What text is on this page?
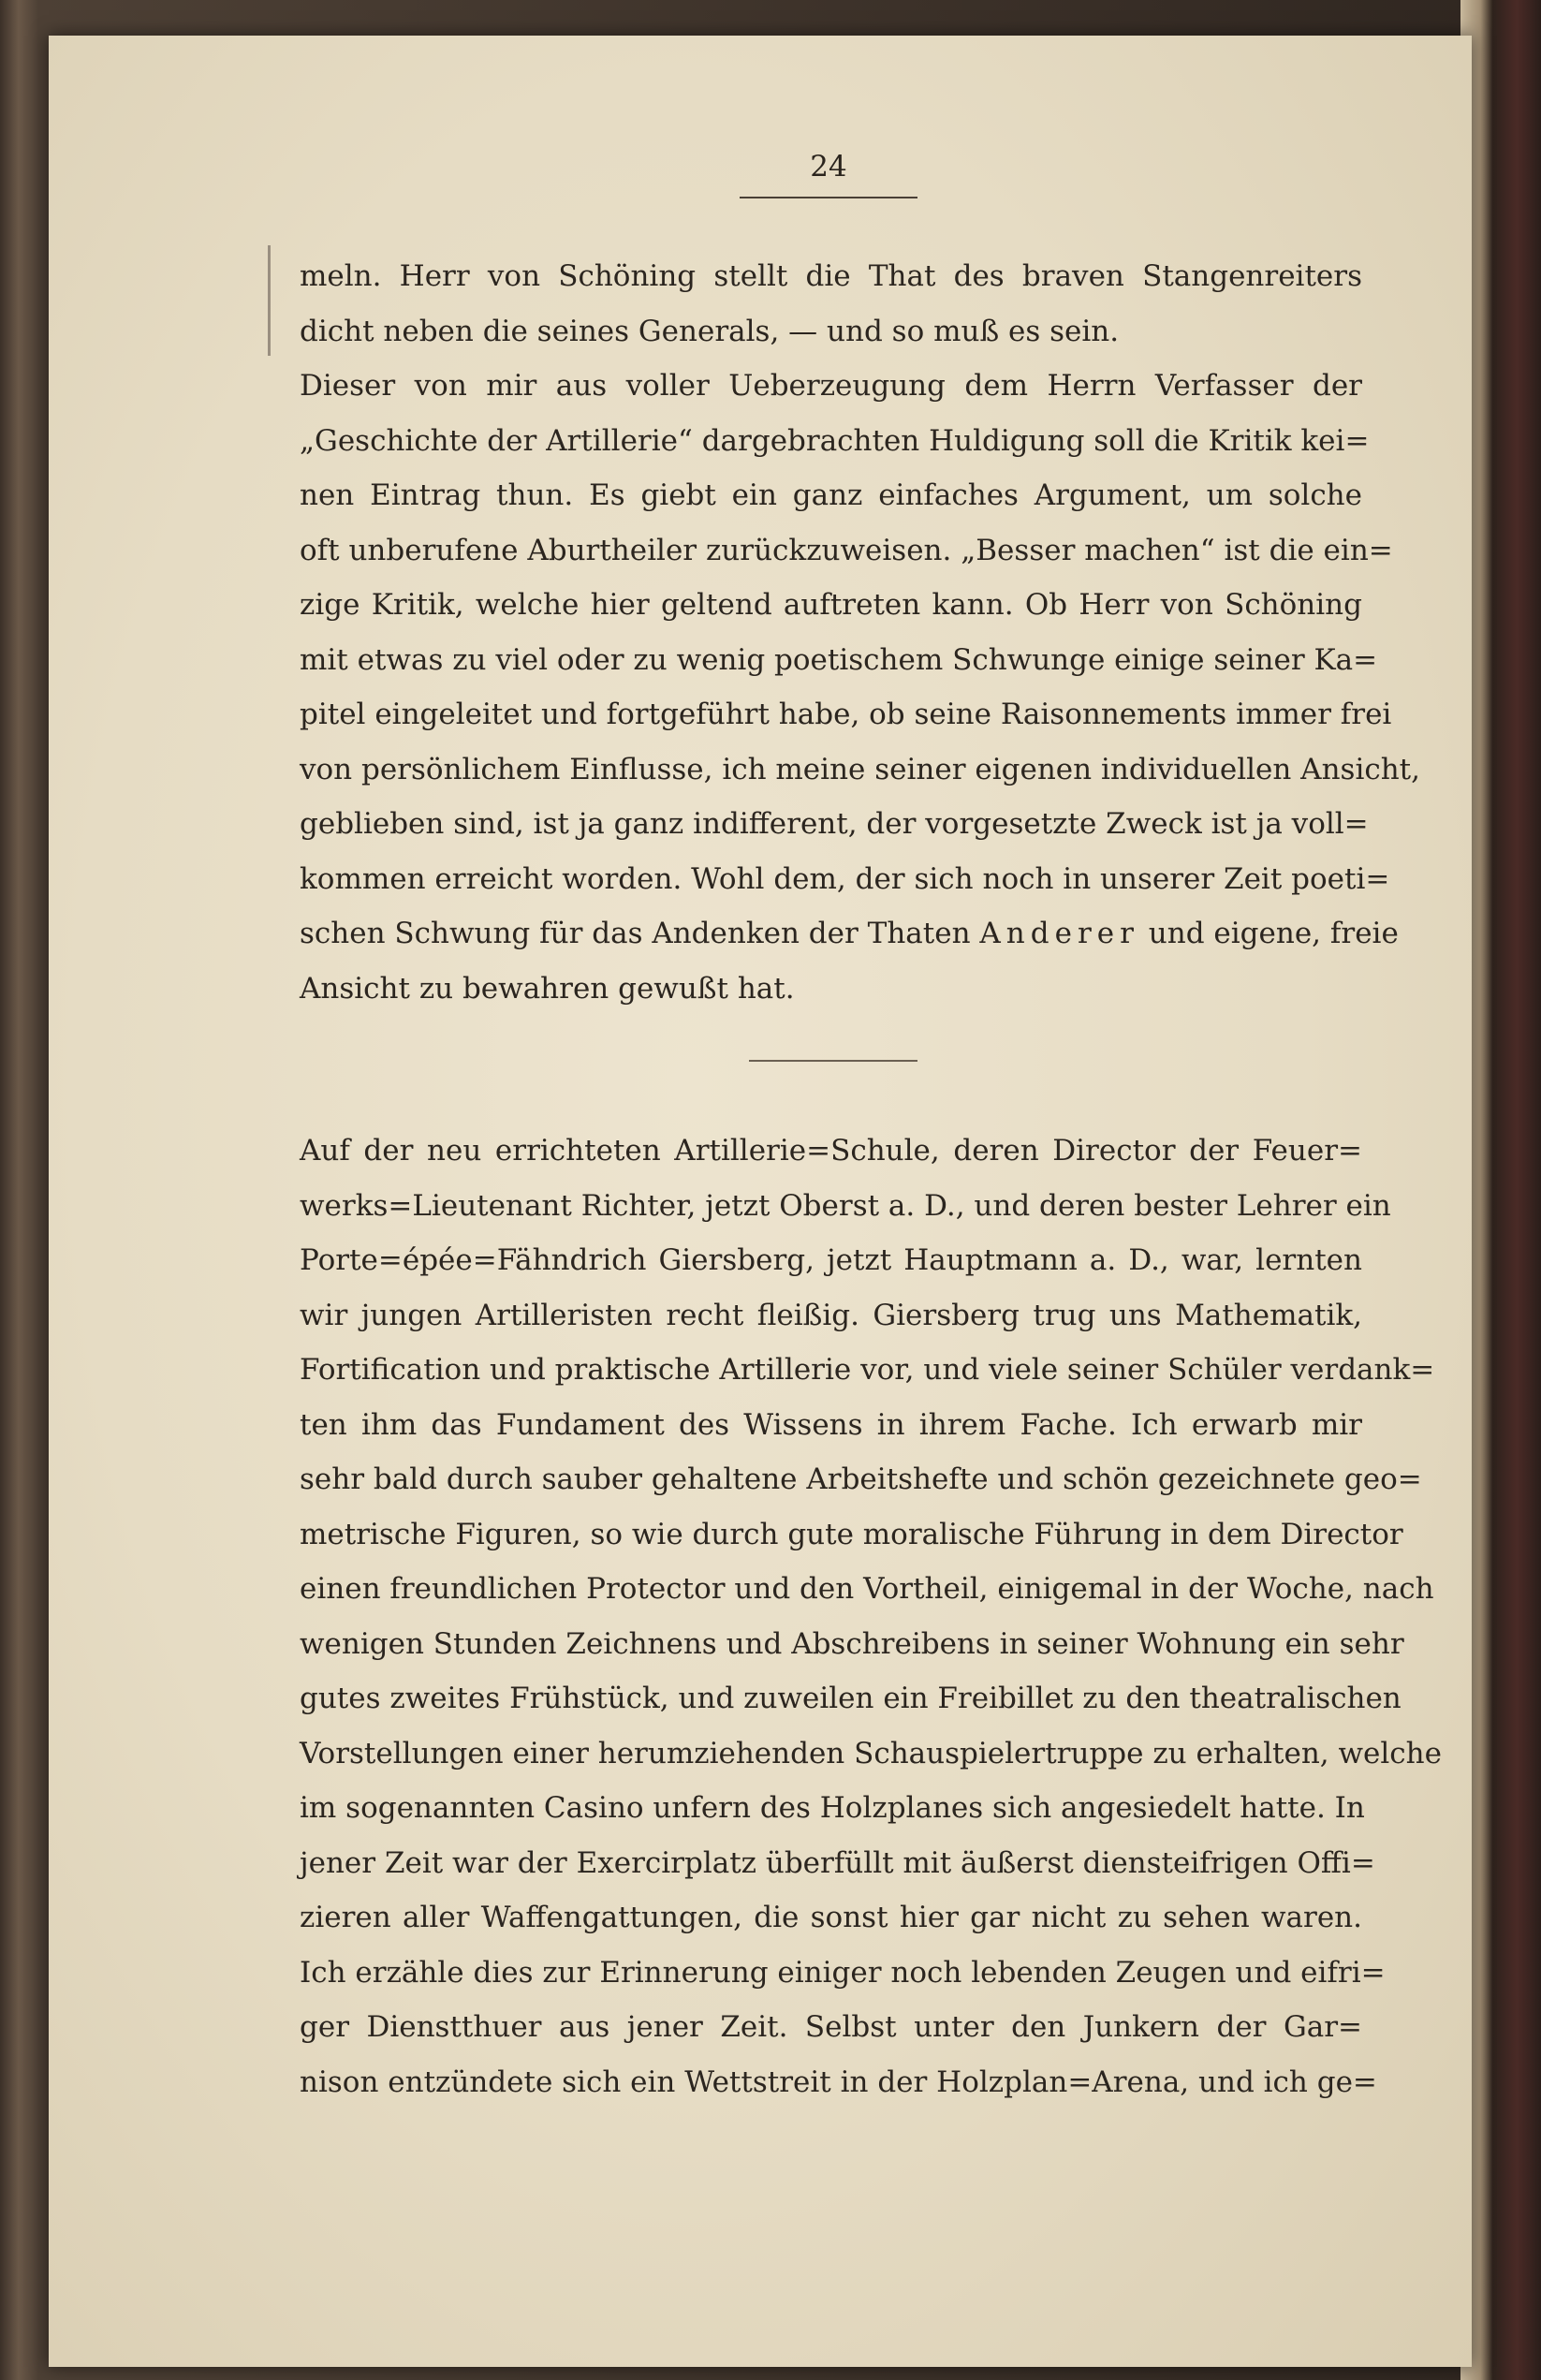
24
meln. Herr von Schöning stellt die That des braven Stangenreiters
dicht neben die seines Generals, — und so muß es sein.
Dieser von mir aus voller Ueberzeugung dem Herrn Verfasser der
„Geschichte der Artillerie“ dargebrachten Huldigung soll die Kritik kei=
nen Eintrag thun. Es giebt ein ganz einfaches Argument, um solche
oft unberufene Aburtheiler zurückzuweisen. „Besser machen“ ist die ein=
zige Kritik, welche hier geltend auftreten kann. Ob Herr von Schöning
mit etwas zu viel oder zu wenig poetischem Schwunge einige seiner Ka=
pitel eingeleitet und fortgeführt habe, ob seine Raisonnements immer frei
von persönlichem Einflusse, ich meine seiner eigenen individuellen Ansicht,
geblieben sind, ist ja ganz indifferent, der vorgesetzte Zweck ist ja voll=
kommen erreicht worden. Wohl dem, der sich noch in unserer Zeit poeti=
schen Schwung für das Andenken der Thaten Anderer und eigene, freie
Ansicht zu bewahren gewußt hat.
Auf der neu errichteten Artillerie=Schule, deren Director der Feuer=
werks=Lieutenant Richter, jetzt Oberst a. D., und deren bester Lehrer ein
Porte=épée=Fähndrich Giersberg, jetzt Hauptmann a. D., war, lernten
wir jungen Artilleristen recht fleißig. Giersberg trug uns Mathematik,
Fortification und praktische Artillerie vor, und viele seiner Schüler verdank=
ten ihm das Fundament des Wissens in ihrem Fache. Ich erwarb mir
sehr bald durch sauber gehaltene Arbeitshefte und schön gezeichnete geo=
metrische Figuren, so wie durch gute moralische Führung in dem Director
einen freundlichen Protector und den Vortheil, einigemal in der Woche, nach
wenigen Stunden Zeichnens und Abschreibens in seiner Wohnung ein sehr
gutes zweites Frühstück, und zuweilen ein Freibillet zu den theatralischen
Vorstellungen einer herumziehenden Schauspielertruppe zu erhalten, welche
im sogenannten Casino unfern des Holzplanes sich angesiedelt hatte. In
jener Zeit war der Exercirplatz überfüllt mit äußerst diensteifrigen Offi=
zieren aller Waffengattungen, die sonst hier gar nicht zu sehen waren.
Ich erzähle dies zur Erinnerung einiger noch lebenden Zeugen und eifri=
ger Dienstthuer aus jener Zeit. Selbst unter den Junkern der Gar=
nison entzündete sich ein Wettstreit in der Holzplan=Arena, und ich ge=
